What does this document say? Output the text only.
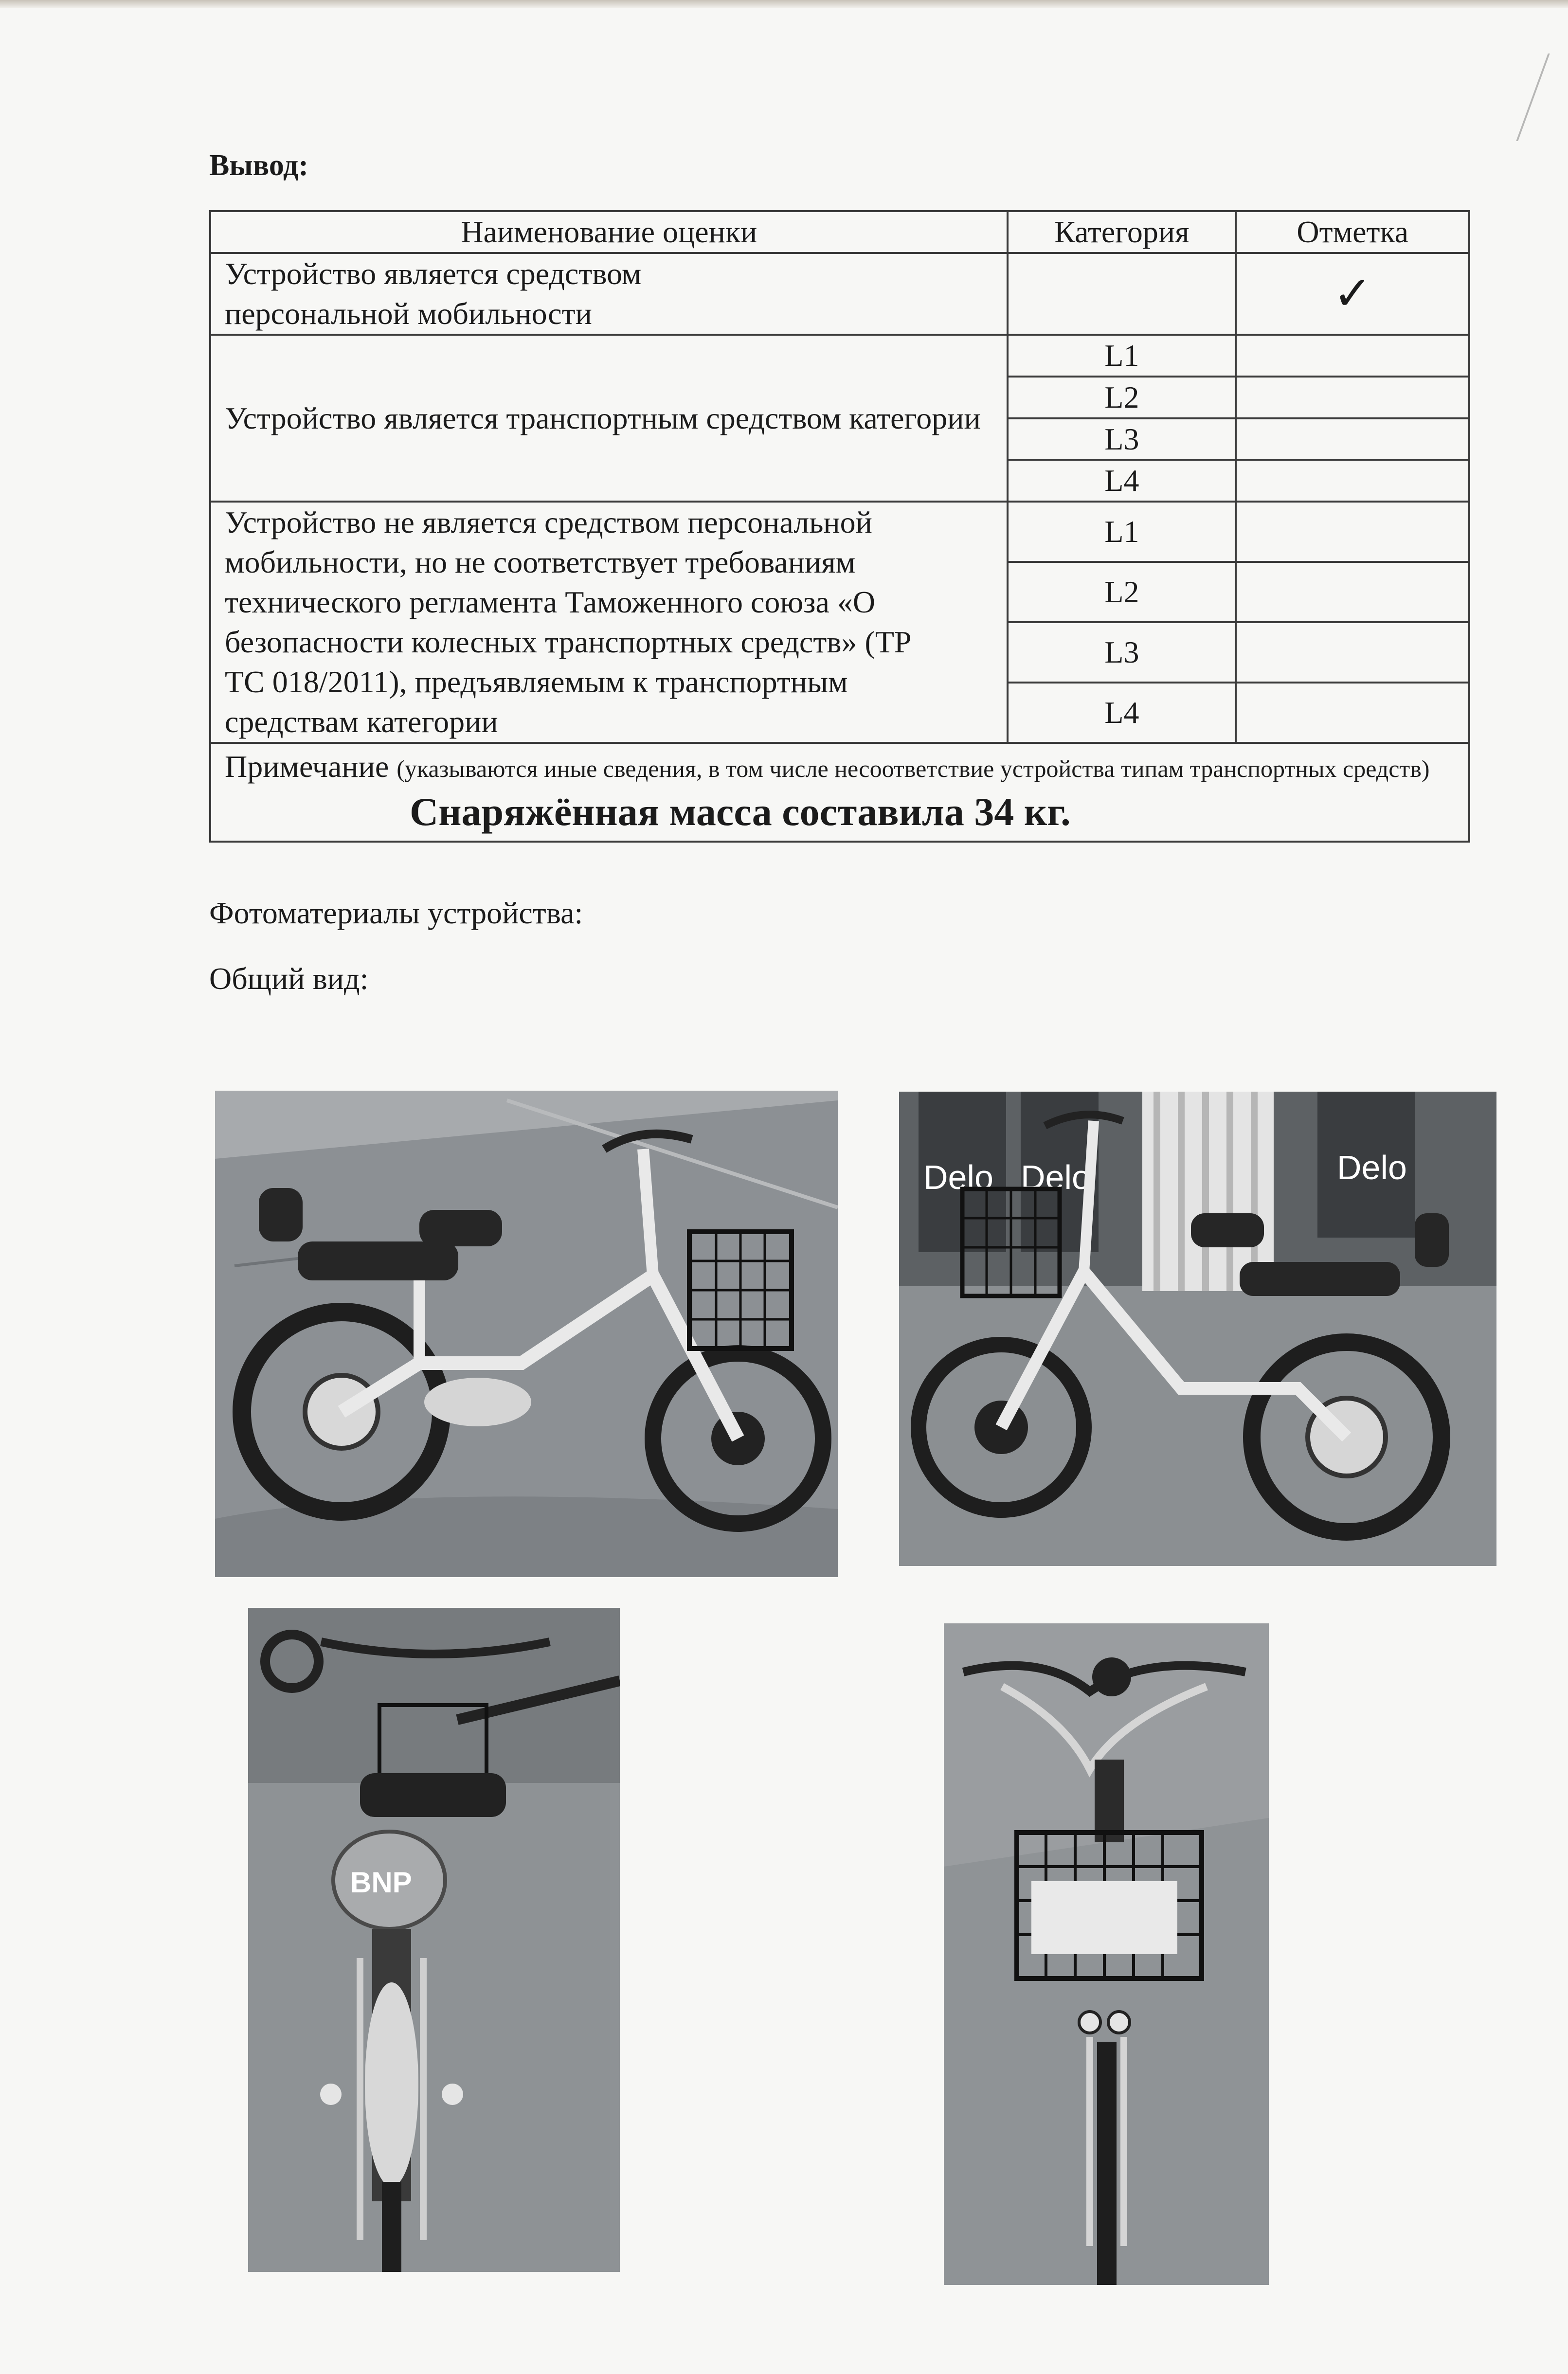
Вывод:
Наименование оценки	Категория	Отметка
Устройство является средством персональной мобильности		✓
Устройство является транспортным средством категории	L1	
	L2	
	L3	
	L4	
Устройство не является средством персональной мобильности, но не соответствует требованиям технического регламента Таможенного союза «О безопасности колесных транспортных средств» (ТР ТС 018/2011), предъявляемым к транспортным средствам категории	L1	
	L2	
	L3	
	L4	

Примечание (указываются иные сведения, в том числе несоответствие устройства типам транспортных средств)
Снаряжённая масса составила 34 кг.		
Фотоматериалы устройства:
Общий вид:
Delo Delo	Delo
BNP
